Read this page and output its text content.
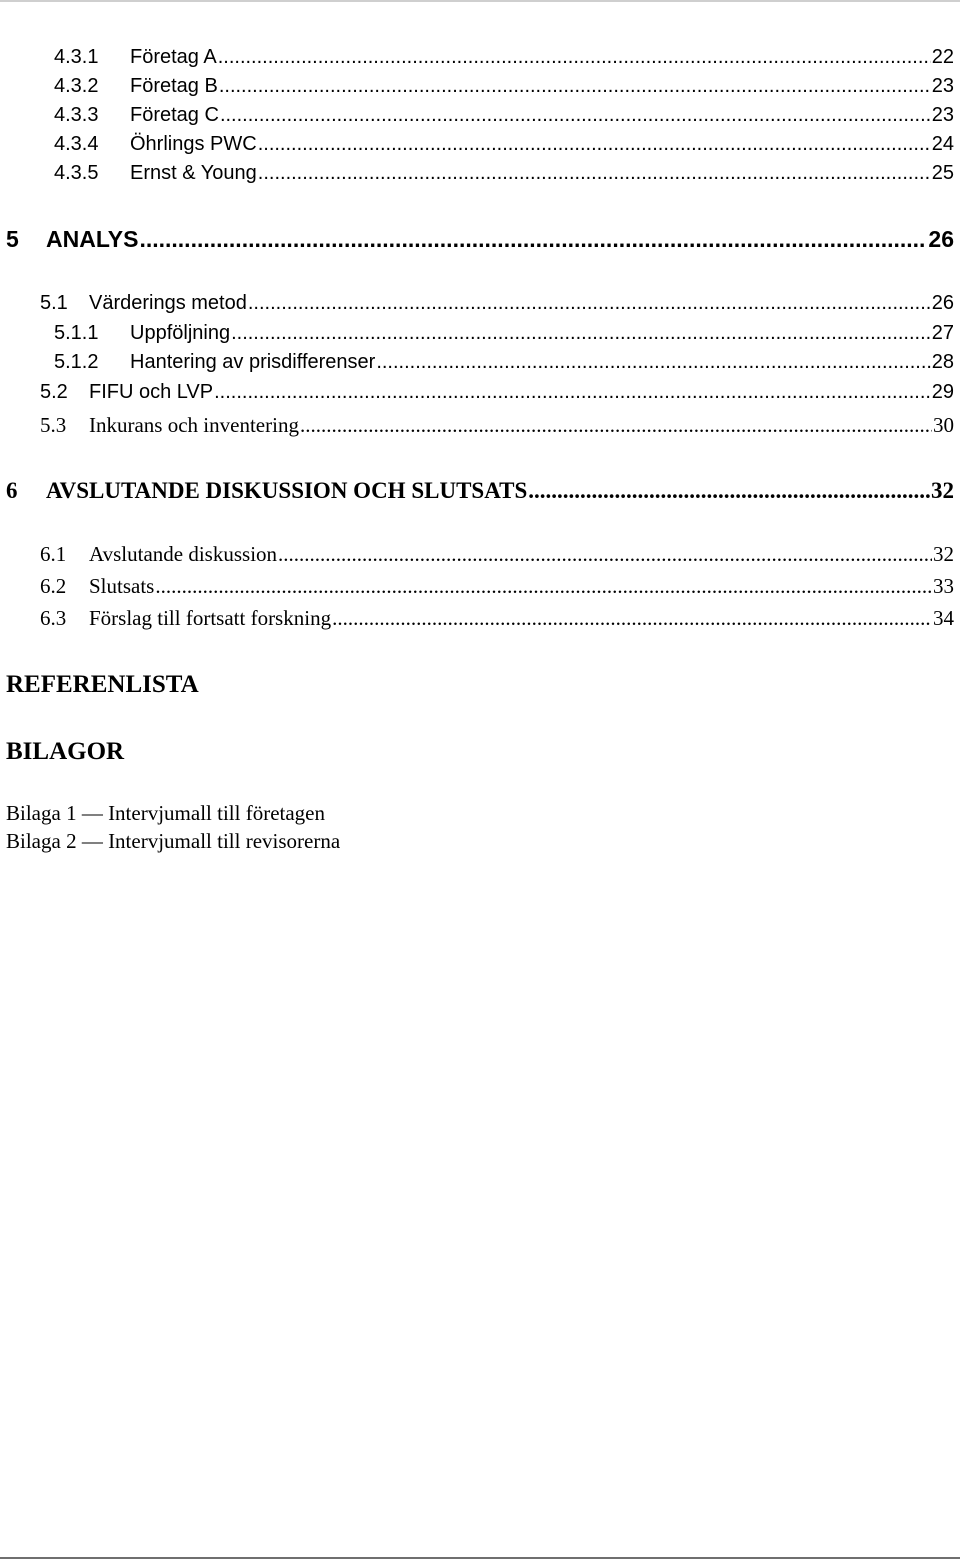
4.3.1	Företag A .....	22
4.3.2	Företag B .....	23
4.3.3	Företag C .....	23
4.3.4	Öhrlings PWC .....	24
4.3.5	Ernst & Young .....	25
5	ANALYS .....	26
5.1	Värderings metod .....	26
5.1.1	Uppföljning .....	27
5.1.2	Hantering av prisdifferenser .....	28
5.2	FIFU och LVP .....	29
5.3	Inkurans och inventering .....	30
6	AVSLUTANDE DISKUSSION OCH SLUTSATS .....	32
6.1	Avslutande diskussion .....	32
6.2	Slutsats .....	33
6.3	Förslag till fortsatt forskning .....	34
REFERENLISTA
BILAGOR
Bilaga 1 — Intervjumall till företagen
Bilaga 2 — Intervjumall till revisorerna
